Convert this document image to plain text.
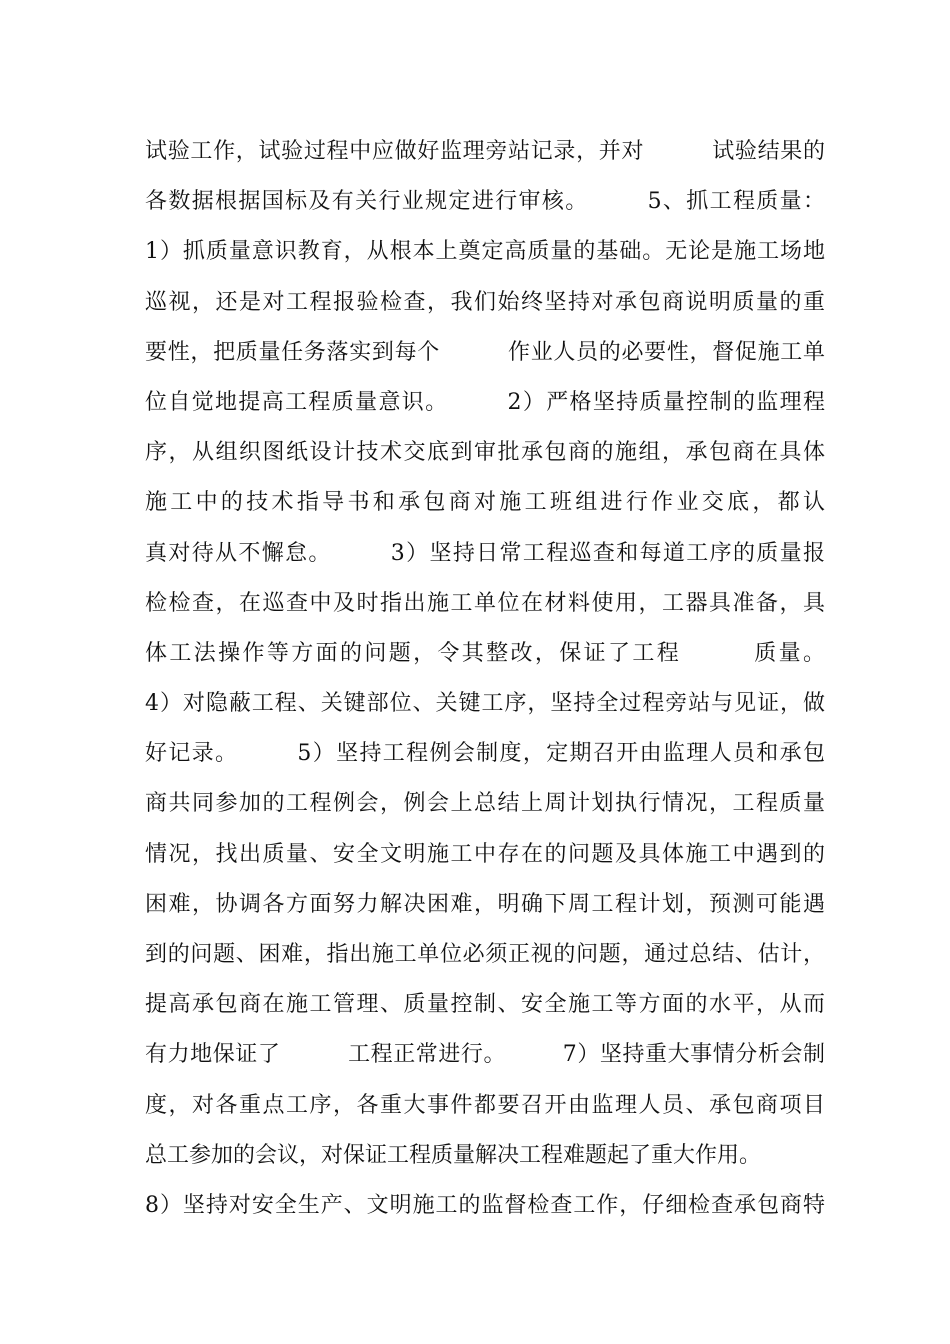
试验工作，试验过程中应做好监理旁站记录，并对　　　试验结果的
各数据根据国标及有关行业规定进行审核。　　　5、抓工程质量：
1）抓质量意识教育，从根本上奠定高质量的基础。无论是施工场地
巡视，还是对工程报验检查，我们始终坚持对承包商说明质量的重
要性，把质量任务落实到每个　　　作业人员的必要性，督促施工单
位自觉地提高工程质量意识。　　　2）严格坚持质量控制的监理程
序，从组织图纸设计技术交底到审批承包商的施组，承包商在具体
施工中的技术指导书和承包商对施工班组进行作业交底，都认
真对待从不懈怠。　　　3）坚持日常工程巡查和每道工序的质量报
检检查，在巡查中及时指出施工单位在材料使用，工器具准备，具
体工法操作等方面的问题，令其整改，保证了工程　　　质量。
4）对隐蔽工程、关键部位、关键工序，坚持全过程旁站与见证，做
好记录。　　　5）坚持工程例会制度，定期召开由监理人员和承包
商共同参加的工程例会，例会上总结上周计划执行情况，工程质量
情况，找出质量、安全文明施工中存在的问题及具体施工中遇到的
困难，协调各方面努力解决困难，明确下周工程计划，预测可能遇
到的问题、困难，指出施工单位必须正视的问题，通过总结、估计，
提高承包商在施工管理、质量控制、安全施工等方面的水平，从而
有力地保证了　　　工程正常进行。　　　7）坚持重大事情分析会制
度，对各重点工序，各重大事件都要召开由监理人员、承包商项目
总工参加的会议，对保证工程质量解决工程难题起了重大作用。
8）坚持对安全生产、文明施工的监督检查工作，仔细检查承包商特
